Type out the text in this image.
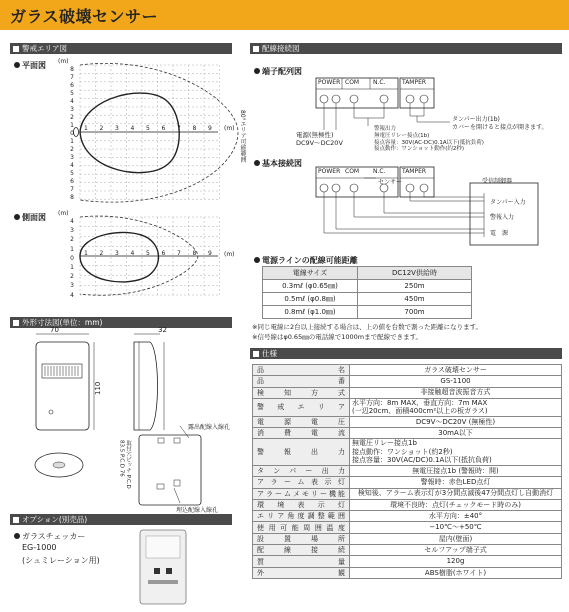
ガラス破壊センサー
警戒エリア図
平面図 (m)
8
7
6
5
4
3
2
1
0
1
2
3
4
5
6
7
8
1 2 3 4 5 6 7 8 9	(m) 80°エリア可能範囲
側面図 (m)
4
3
2
1
0
1
2
3
4
1 2 3 4 5 6 7 8 9	(m)
外形寸法図(単位：mm)
70	32
110
露出配線入線孔
埋込配線入線孔
取付穴ピッチ P.C.D 83.5 P.C.D 76
オプション(別売品)
ガラスチェッカー
EG-1000
(シュミレーション用)
配線接続図
端子配列図
POWER COM N.C.	TAMPER
タンパー出力(1b)
カバーを開けると接点が開きます。
電源(無極性)
DC9V〜DC20V
警報出力
無電圧リレー接点(1b)
接点容量：30V(AC-DC)0.1A以下(抵抗負荷)
接点動作：ワンショット動作(約2秒)
基本接続図
POWER COM N.C.	TAMPER
センサー	受信制御器
タンパー入力
警報入力
電　源
電源ラインの配線可能距離
電線サイズ	DC12V供給時
0.3mℓ (φ0.65㎜)	250m
0.5mℓ (φ0.8㎜)	450m
0.8mℓ (φ1.0㎜)	700m
※同じ電線に2台以上接続する場合は、上の値を台数で割った距離になります。
※信号線はφ0.65㎜の電話線で1000mまで配線できます。
仕様
品名	ガラス破壊センサー
品番	GS-1100
検知方式	非接触超音波振音方式
警戒エリア	水平方向：8m MAX、垂直方向：7m MAX
(一辺20cm、面積400cm²以上の板ガラス)
電源電圧	DC9V〜DC20V (無極性)
消費電流	30mA以下
警報出力	無電圧リレー接点1b
接点動作：ワンショット(約2秒)
接点容量：30V(AC/DC)0.1A以下(抵抗負荷)
タンパー出力	無電圧接点1b (警報時：開)
アラーム表示灯	警報時：赤色LED点灯
アラームメモリー機能	検知後、アラーム表示灯が3分間点滅後47分間点灯し自動消灯
環境表示灯	環境不良時：点灯(チェックモード時のみ)
エリア角度調整範囲	水平方向：±40°
使用可能周囲温度	−10℃〜+50℃
設置場所	屋内(壁面)
配線接続	セルフアップ端子式
質量	120g
外観	ABS樹脂(ホワイト)
